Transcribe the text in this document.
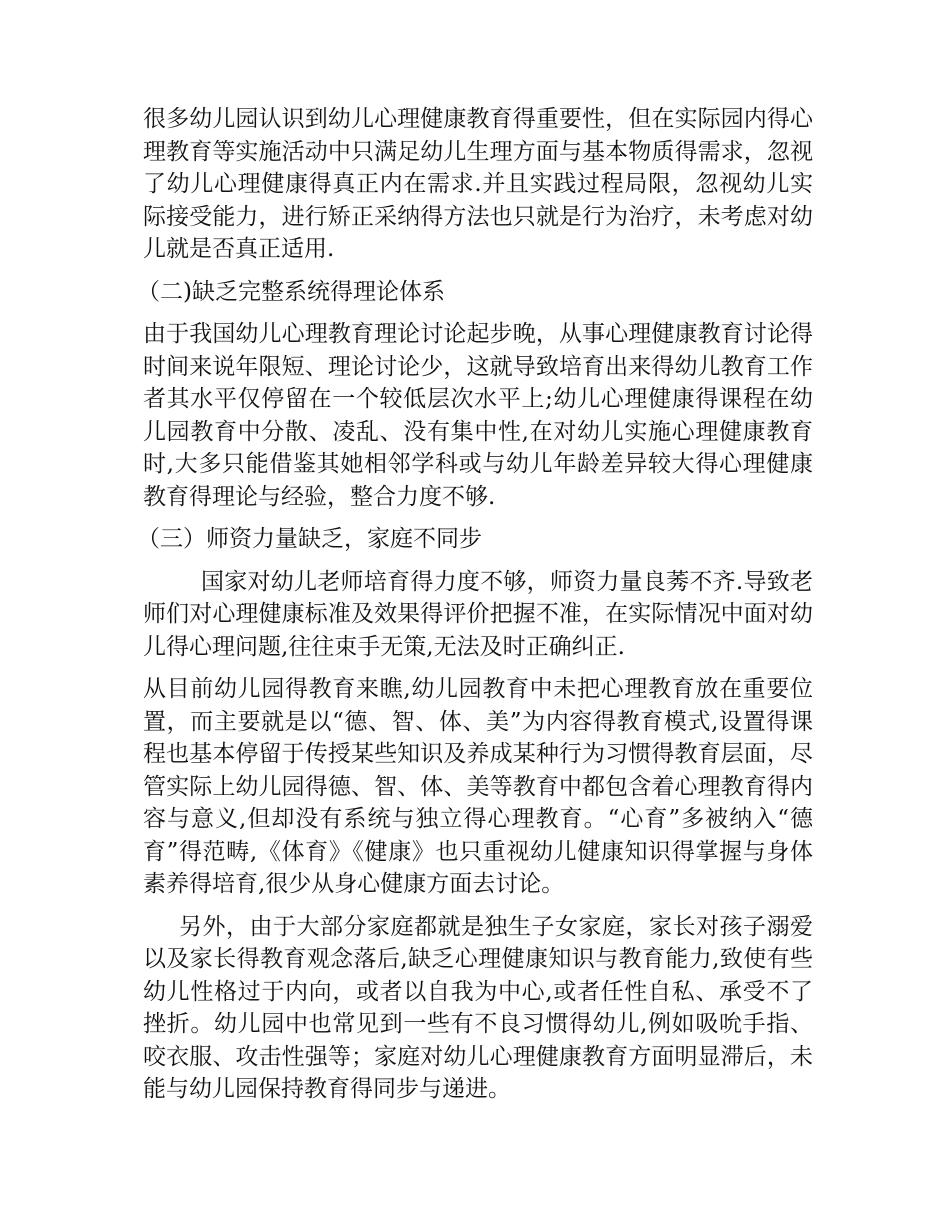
很多幼儿园认识到幼儿心理健康教育得重要性，但在实际园内得心理教育等实施活动中只满足幼儿生理方面与基本物质得需求，忽视了幼儿心理健康得真正内在需求.并且实践过程局限，忽视幼儿实际接受能力，进行矫正采纳得方法也只就是行为治疗，未考虑对幼儿就是否真正适用.

（二)缺乏完整系统得理论体系

由于我国幼儿心理教育理论讨论起步晚，从事心理健康教育讨论得时间来说年限短、理论讨论少，这就导致培育出来得幼儿教育工作者其水平仅停留在一个较低层次水平上;幼儿心理健康得课程在幼儿园教育中分散、凌乱、没有集中性,在对幼儿实施心理健康教育时,大多只能借鉴其她相邻学科或与幼儿年龄差异较大得心理健康教育得理论与经验，整合力度不够.

（三）师资力量缺乏，家庭不同步

国家对幼儿老师培育得力度不够，师资力量良莠不齐.导致老师们对心理健康标准及效果得评价把握不准，在实际情况中面对幼儿得心理问题,往往束手无策,无法及时正确纠正.

从目前幼儿园得教育来瞧,幼儿园教育中未把心理教育放在重要位置，而主要就是以“德、智、体、美”为内容得教育模式,设置得课程也基本停留于传授某些知识及养成某种行为习惯得教育层面，尽管实际上幼儿园得德、智、体、美等教育中都包含着心理教育得内容与意义,但却没有系统与独立得心理教育。“心育”多被纳入“德育”得范畴,《体育》《健康》也只重视幼儿健康知识得掌握与身体素养得培育,很少从身心健康方面去讨论。

另外，由于大部分家庭都就是独生子女家庭，家长对孩子溺爱以及家长得教育观念落后,缺乏心理健康知识与教育能力,致使有些幼儿性格过于内向，或者以自我为中心,或者任性自私、承受不了挫折。幼儿园中也常见到一些有不良习惯得幼儿,例如吸吮手指、咬衣服、攻击性强等；家庭对幼儿心理健康教育方面明显滞后，未能与幼儿园保持教育得同步与递进。
